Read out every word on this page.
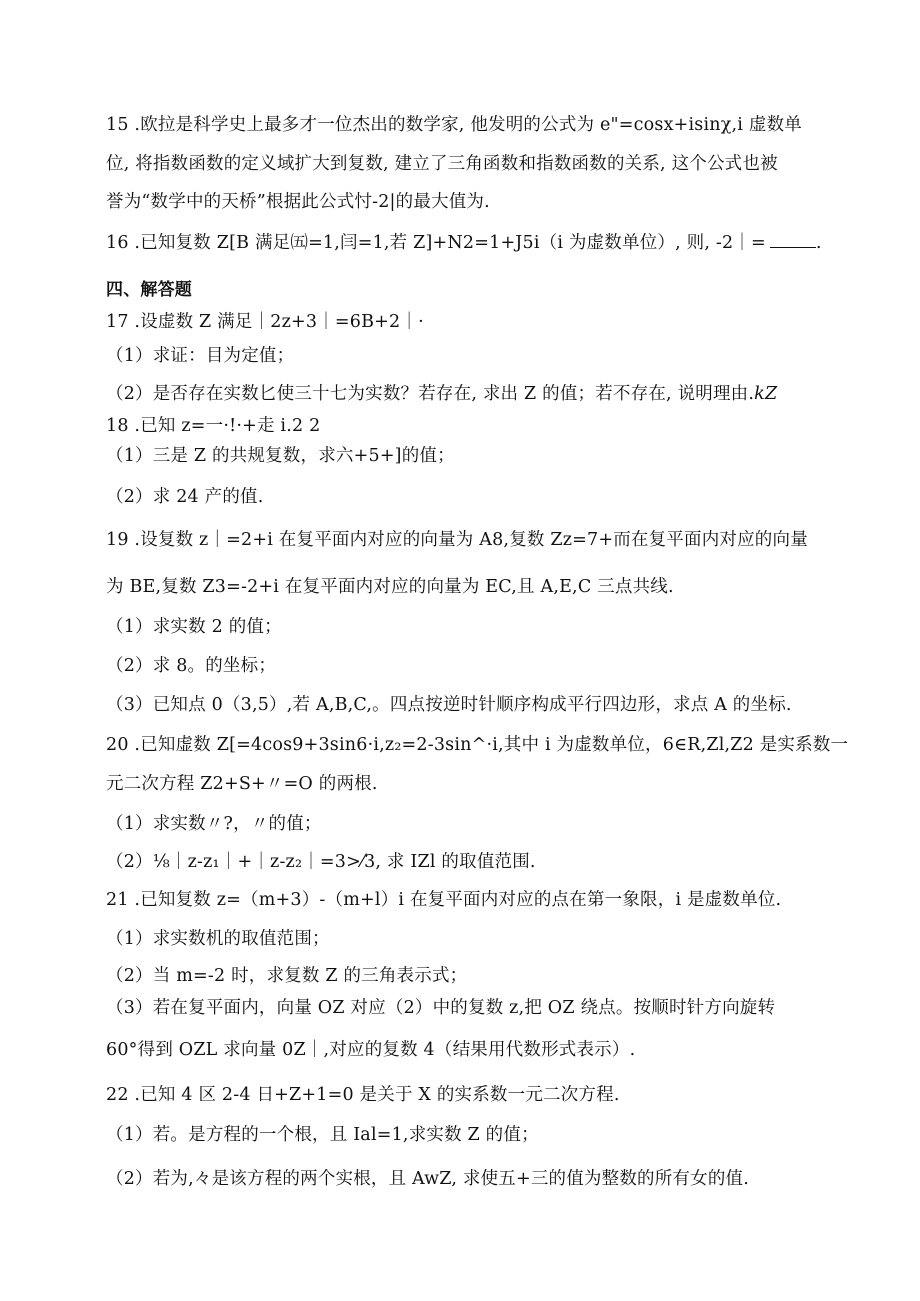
15 .欧拉是科学史上最多才一位杰出的数学家, 他发明的公式为 e"=cosx+isinχ,i 虚数单
位, 将指数函数的定义域扩大到复数, 建立了三角函数和指数函数的关系, 这个公式也被
誉为“数学中的天桥”根据此公式忖-2|的最大值为.
16 .已知复数 Z[B 满足㈤=1,闫=1,若 Z]+N2=1+J5i（i 为虚数单位）, 则, -2｜=	.
四、解答题
17 .设虚数 Z 满足｜2z+3｜=6B+2｜·
（1）求证：目为定值；
（2）是否存在实数匕使三十七为实数？若存在, 求出 Z 的值；若不存在, 说明理由.kZ
18 .已知 z=一·!·+走 i.2 2
（1）三是 Z 的共规复数，求六+5+]的值；
（2）求 24 产的值.
19 .设复数 z｜=2+i 在复平面内对应的向量为 A8,复数 Zz=7+而在复平面内对应的向量
为 BE,复数 Z3=-2+i 在复平面内对应的向量为 EC,且 A,E,C 三点共线.
（1）求实数 2 的值；
（2）求 8。的坐标；
（3）已知点 0（3,5）,若 A,B,C,。四点按逆时针顺序构成平行四边形，求点 A 的坐标.
20 .已知虚数 Z[=4cos9+3sin6·i,z₂=2-3sin^·i,其中 i 为虚数单位，6∈R,Zl,Z2 是实系数一
元二次方程 Z2+S+〃=O 的两根.
（1）求实数〃?，〃的值；
（2）⅛｜z-z₁｜+｜z-z₂｜=3>⁄3, 求 IZl 的取值范围.
21 .已知复数 z=（m+3）-（m+l）i 在复平面内对应的点在第一象限，i 是虚数单位.
（1）求实数机的取值范围；
（2）当 m=-2 时，求复数 Z 的三角表示式；
（3）若在复平面内，向量 OZ 对应（2）中的复数 z,把 OZ 绕点。按顺时针方向旋转
60°得到 OZL 求向量 0Z｜,对应的复数 4（结果用代数形式表示）.
22 .已知 4 区 2-4 日+Z+1=0 是关于 X 的实系数一元二次方程.
（1）若。是方程的一个根，且 Ial=1,求实数 Z 的值；
（2）若为,々是该方程的两个实根，且 AwZ, 求使五+三的值为整数的所有女的值.
